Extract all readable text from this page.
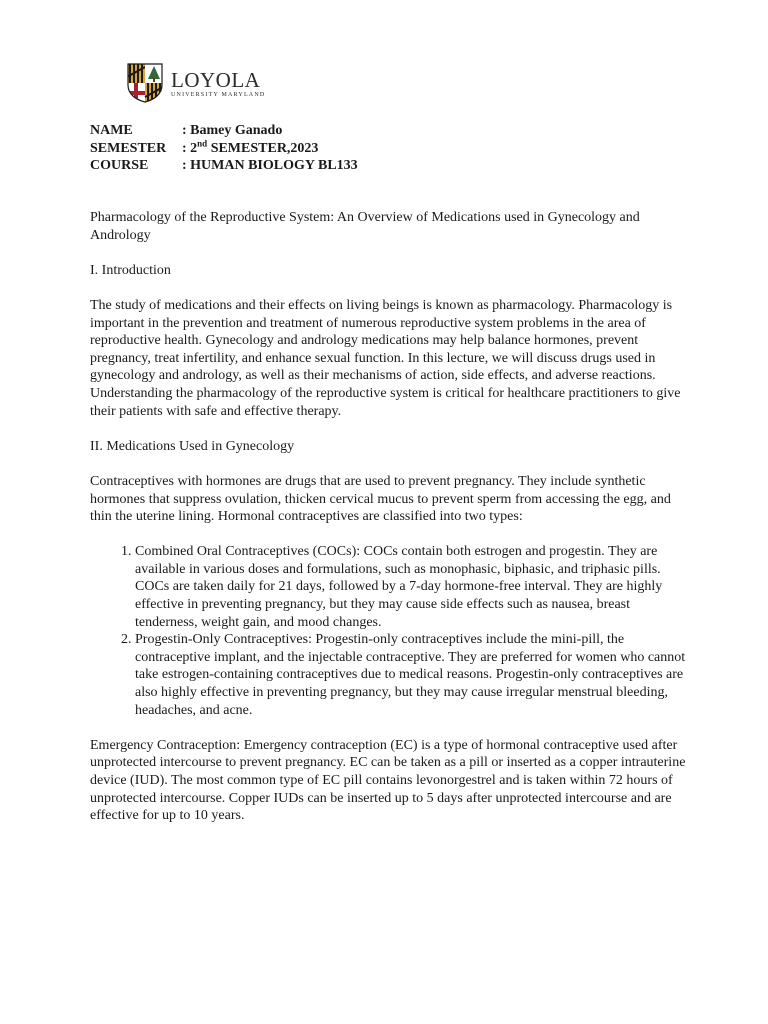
LOYOLA
UNIVERSITY MARYLAND
NAME	: Bamey Ganado
SEMESTER	: 2nd SEMESTER,2023
COURSE	: HUMAN BIOLOGY BL133

Pharmacology of the Reproductive System: An Overview of Medications used in Gynecology and Andrology

I. Introduction

The study of medications and their effects on living beings is known as pharmacology. Pharmacology is important in the prevention and treatment of numerous reproductive system problems in the area of reproductive health. Gynecology and andrology medications may help balance hormones, prevent pregnancy, treat infertility, and enhance sexual function. In this lecture, we will discuss drugs used in gynecology and andrology, as well as their mechanisms of action, side effects, and adverse reactions. Understanding the pharmacology of the reproductive system is critical for healthcare practitioners to give their patients with safe and effective therapy.

II. Medications Used in Gynecology

Contraceptives with hormones are drugs that are used to prevent pregnancy. They include synthetic hormones that suppress ovulation, thicken cervical mucus to prevent sperm from accessing the egg, and thin the uterine lining. Hormonal contraceptives are classified into two types:

1. Combined Oral Contraceptives (COCs): COCs contain both estrogen and progestin. They are available in various doses and formulations, such as monophasic, biphasic, and triphasic pills. COCs are taken daily for 21 days, followed by a 7-day hormone-free interval. They are highly effective in preventing pregnancy, but they may cause side effects such as nausea, breast tenderness, weight gain, and mood changes.
2. Progestin-Only Contraceptives: Progestin-only contraceptives include the mini-pill, the contraceptive implant, and the injectable contraceptive. They are preferred for women who cannot take estrogen-containing contraceptives due to medical reasons. Progestin-only contraceptives are also highly effective in preventing pregnancy, but they may cause irregular menstrual bleeding, headaches, and acne.

Emergency Contraception: Emergency contraception (EC) is a type of hormonal contraceptive used after unprotected intercourse to prevent pregnancy. EC can be taken as a pill or inserted as a copper intrauterine device (IUD). The most common type of EC pill contains levonorgestrel and is taken within 72 hours of unprotected intercourse. Copper IUDs can be inserted up to 5 days after unprotected intercourse and are effective for up to 10 years.
